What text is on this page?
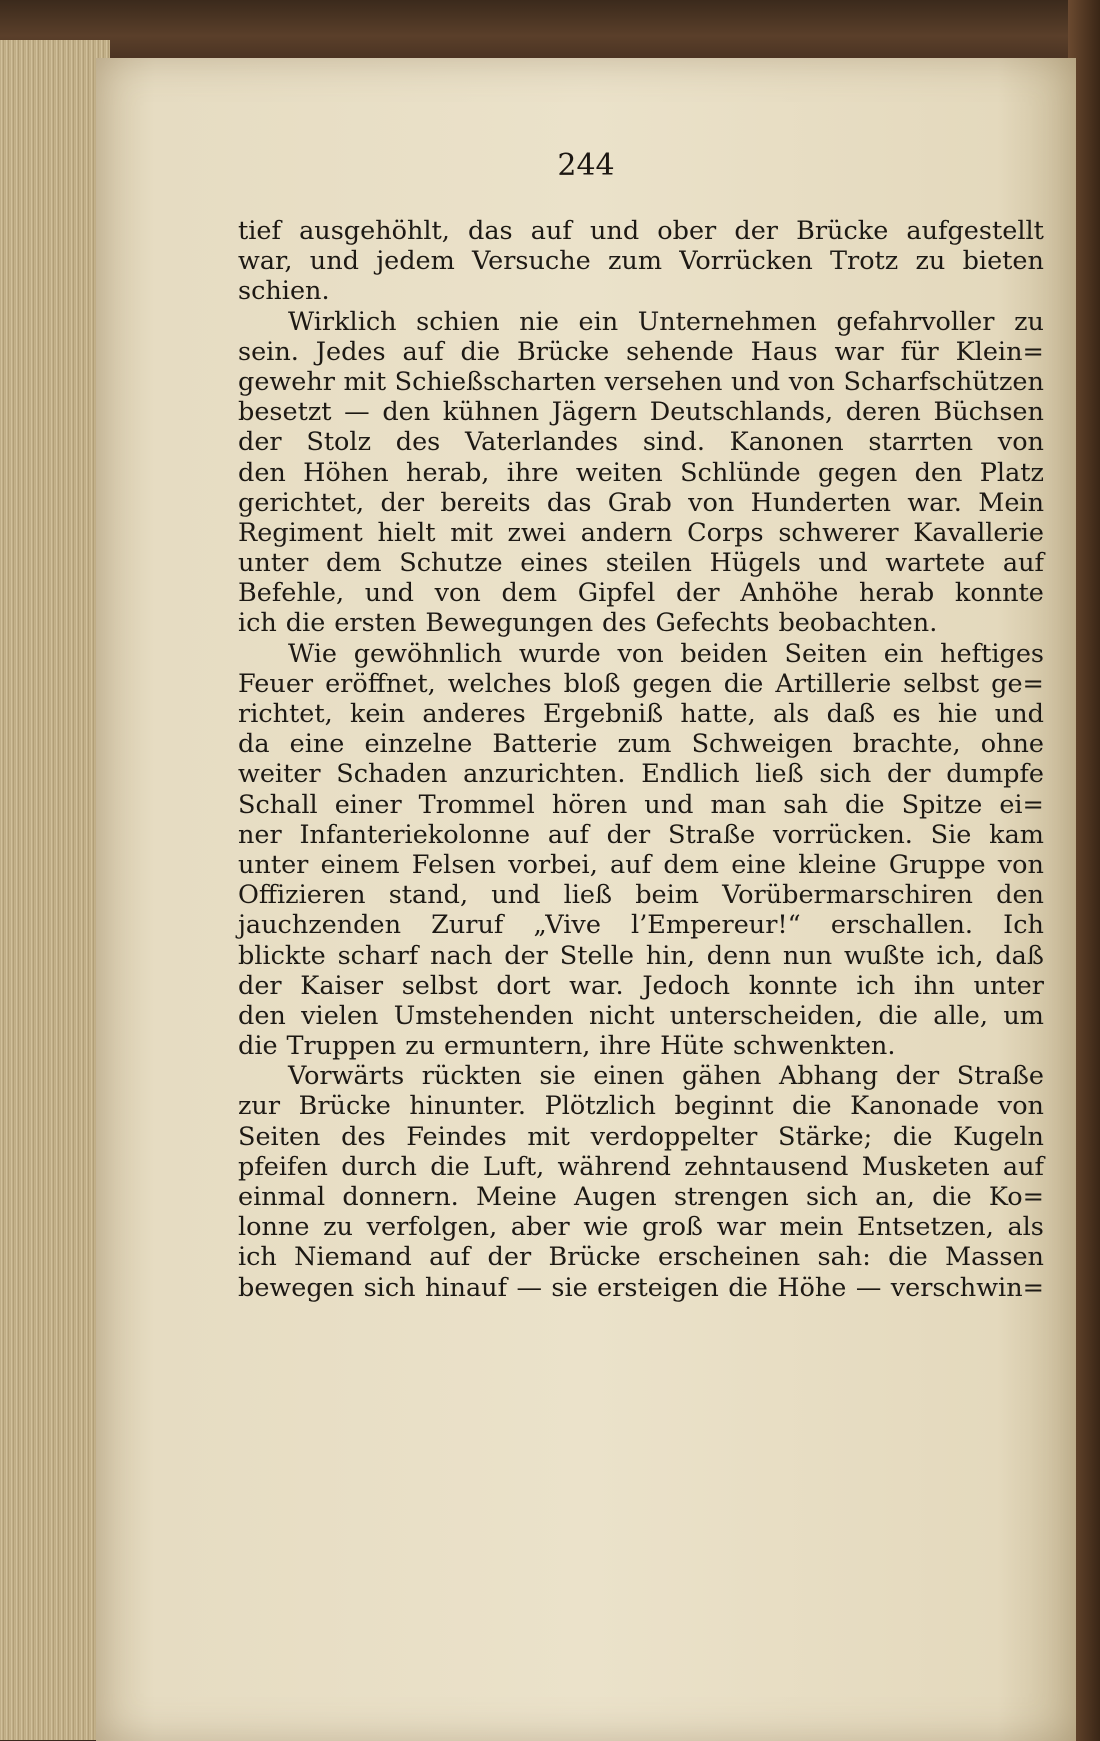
244
tief ausgehöhlt, das auf und ober der Brücke aufgestellt
war, und jedem Versuche zum Vorrücken Trotz zu bieten
schien.
Wirklich schien nie ein Unternehmen gefahrvoller zu
sein. Jedes auf die Brücke sehende Haus war für Klein=
gewehr mit Schießscharten versehen und von Scharfschützen
besetzt — den kühnen Jägern Deutschlands, deren Büchsen
der Stolz des Vaterlandes sind. Kanonen starrten von
den Höhen herab, ihre weiten Schlünde gegen den Platz
gerichtet, der bereits das Grab von Hunderten war. Mein
Regiment hielt mit zwei andern Corps schwerer Kavallerie
unter dem Schutze eines steilen Hügels und wartete auf
Befehle, und von dem Gipfel der Anhöhe herab konnte
ich die ersten Bewegungen des Gefechts beobachten.
Wie gewöhnlich wurde von beiden Seiten ein heftiges
Feuer eröffnet, welches bloß gegen die Artillerie selbst ge=
richtet, kein anderes Ergebniß hatte, als daß es hie und
da eine einzelne Batterie zum Schweigen brachte, ohne
weiter Schaden anzurichten. Endlich ließ sich der dumpfe
Schall einer Trommel hören und man sah die Spitze ei=
ner Infanteriekolonne auf der Straße vorrücken. Sie kam
unter einem Felsen vorbei, auf dem eine kleine Gruppe von
Offizieren stand, und ließ beim Vorübermarschiren den
jauchzenden Zuruf „Vive l’Empereur!“ erschallen. Ich
blickte scharf nach der Stelle hin, denn nun wußte ich, daß
der Kaiser selbst dort war. Jedoch konnte ich ihn unter
den vielen Umstehenden nicht unterscheiden, die alle, um
die Truppen zu ermuntern, ihre Hüte schwenkten.
Vorwärts rückten sie einen gähen Abhang der Straße
zur Brücke hinunter. Plötzlich beginnt die Kanonade von
Seiten des Feindes mit verdoppelter Stärke; die Kugeln
pfeifen durch die Luft, während zehntausend Musketen auf
einmal donnern. Meine Augen strengen sich an, die Ko=
lonne zu verfolgen, aber wie groß war mein Entsetzen, als
ich Niemand auf der Brücke erscheinen sah: die Massen
bewegen sich hinauf — sie ersteigen die Höhe — verschwin=
